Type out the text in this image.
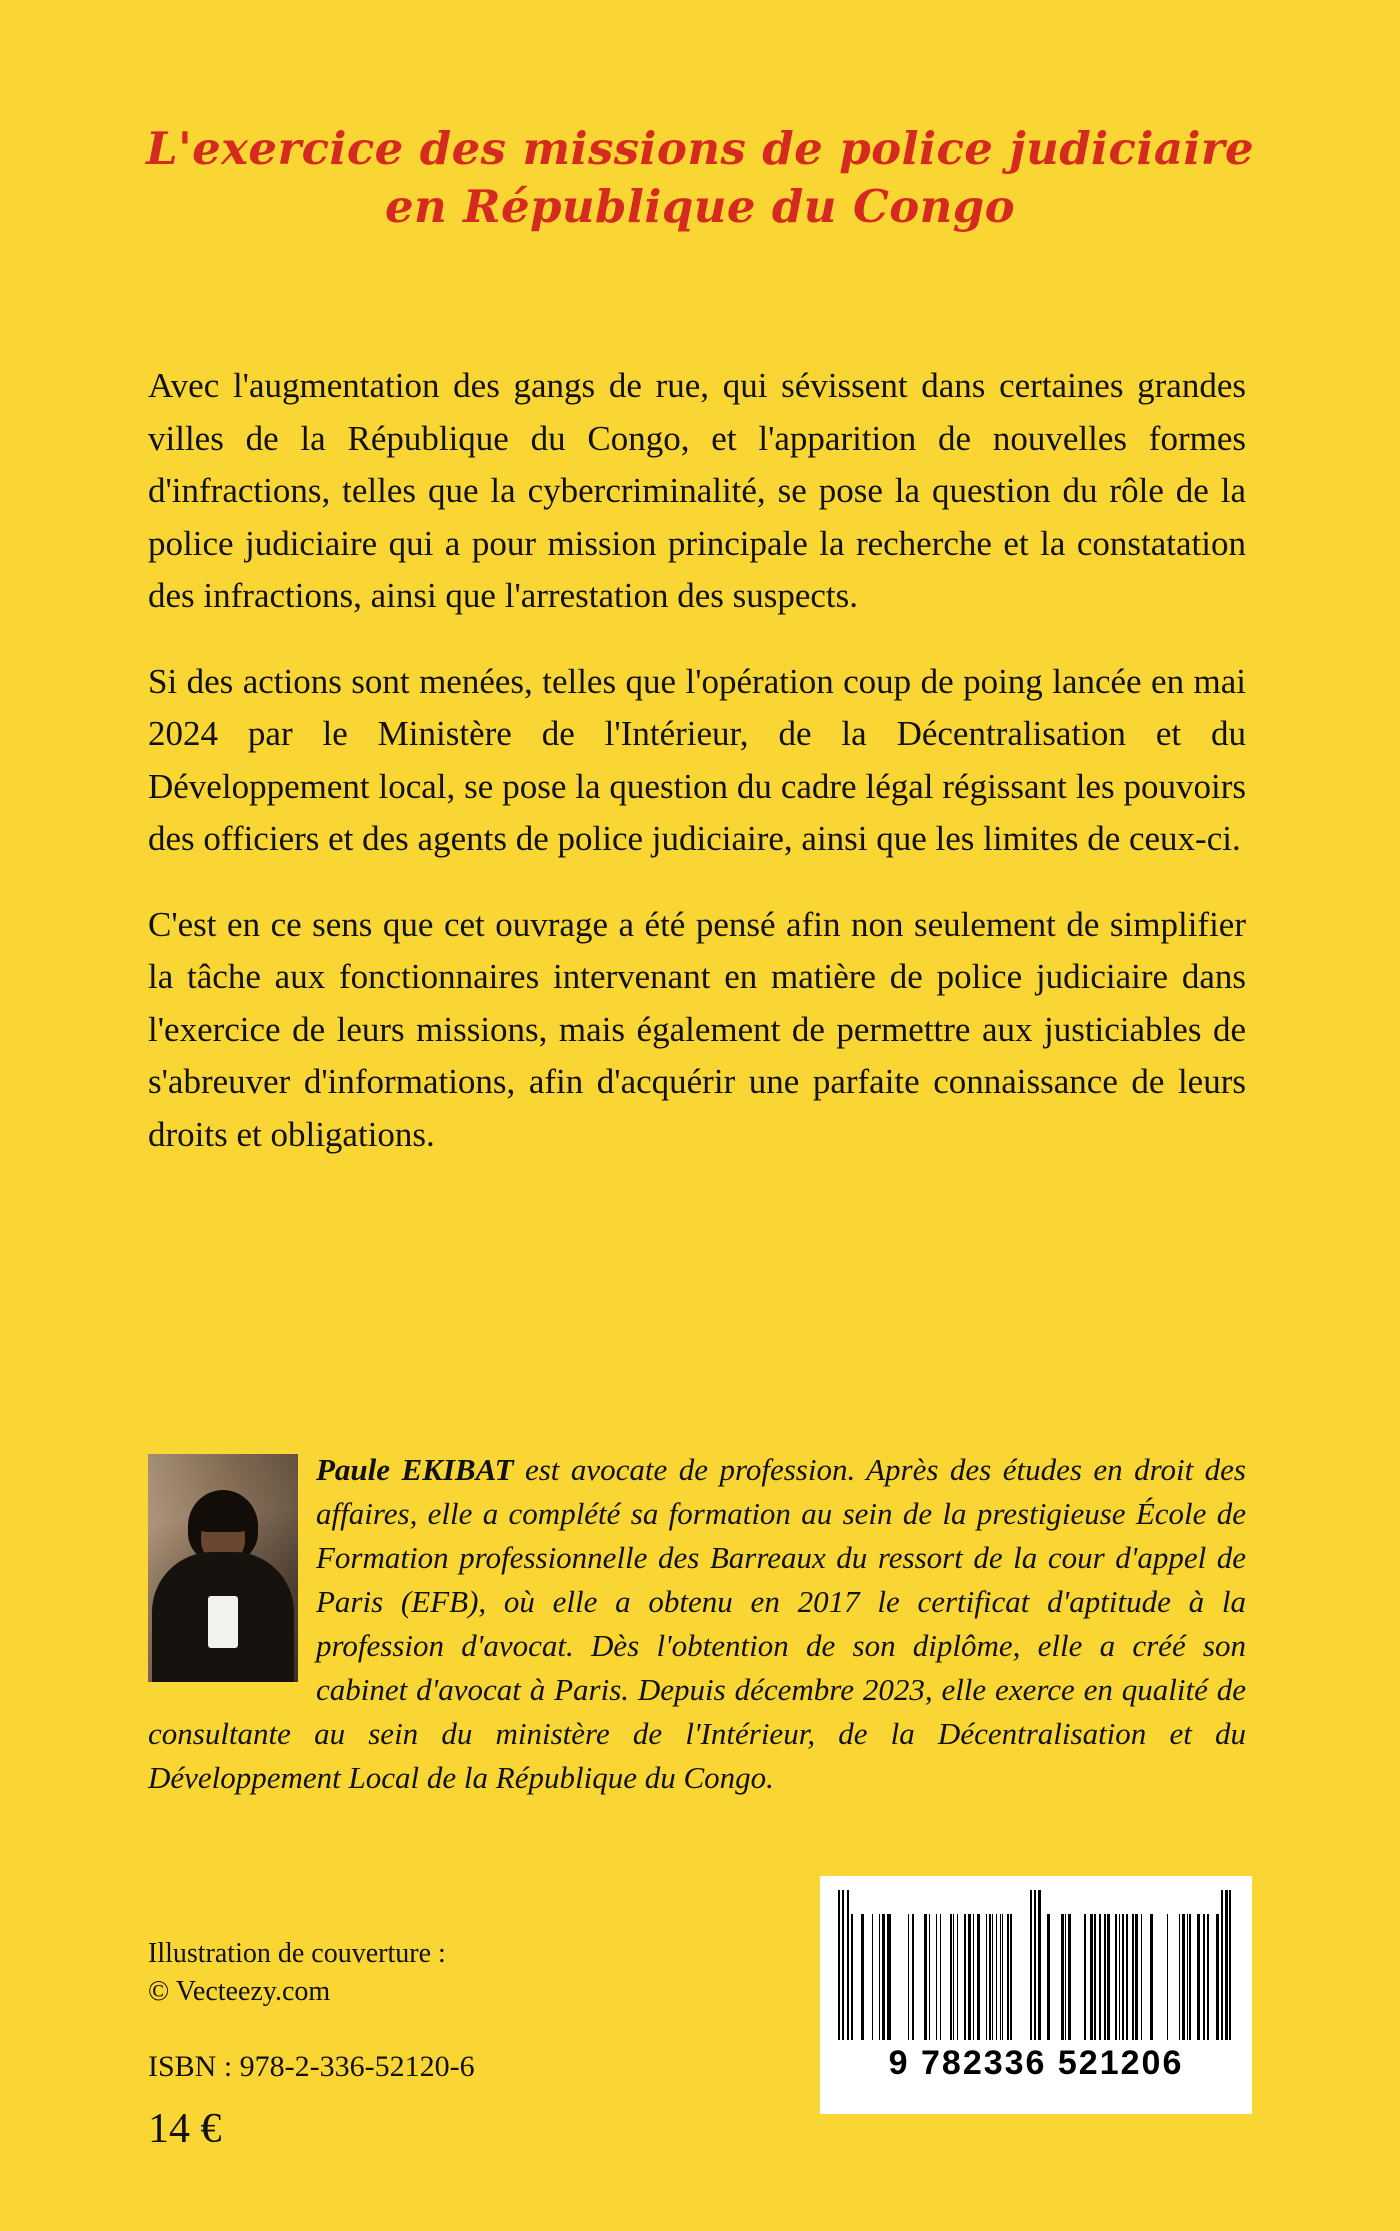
L'exercice des missions de police judiciaire
en République du Congo

Avec l'augmentation des gangs de rue, qui sévissent dans certaines grandes villes de la République du Congo, et l'apparition de nouvelles formes d'infractions, telles que la cybercriminalité, se pose la question du rôle de la police judiciaire qui a pour mission principale la recherche et la constatation des infractions, ainsi que l'arrestation des suspects.

Si des actions sont menées, telles que l'opération coup de poing lancée en mai 2024 par le Ministère de l'Intérieur, de la Décentralisation et du Développement local, se pose la question du cadre légal régissant les pouvoirs des officiers et des agents de police judiciaire, ainsi que les limites de ceux-ci.

C'est en ce sens que cet ouvrage a été pensé afin non seulement de simplifier la tâche aux fonctionnaires intervenant en matière de police judiciaire dans l'exercice de leurs missions, mais également de permettre aux justiciables de s'abreuver d'informations, afin d'acquérir une parfaite connaissance de leurs droits et obligations.

Paule EKIBAT est avocate de profession. Après des études en droit des affaires, elle a complété sa formation au sein de la prestigieuse École de Formation professionnelle des Barreaux du ressort de la cour d'appel de Paris (EFB), où elle a obtenu en 2017 le certificat d'aptitude à la profession d'avocat. Dès l'obtention de son diplôme, elle a créé son cabinet d'avocat à Paris. Depuis décembre 2023, elle exerce en qualité de consultante au sein du ministère de l'Intérieur, de la Décentralisation et du Développement Local de la République du Congo.
Illustration de couverture :
© Vecteezy.com
ISBN : 978-2-336-52120-6
14 €
9 782336 521206
